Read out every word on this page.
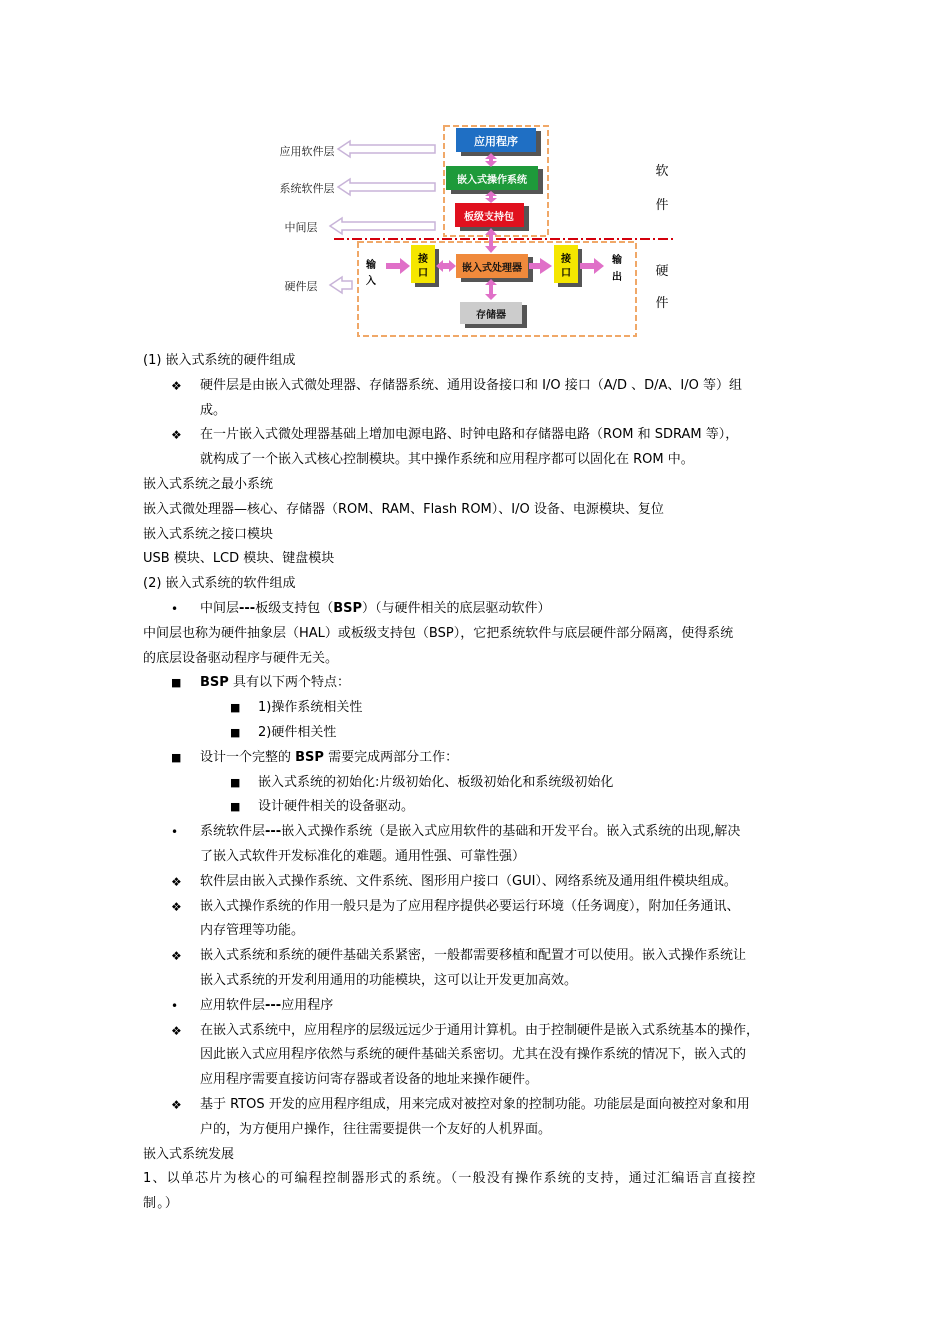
应用软件层
系统软件层
中间层
硬件层
应用程序
嵌入式操作系统
板级支持包
嵌入式处理器
接
口
接
口
存储器
输
入
输
出
软
件
硬
件
(1) 嵌入式系统的硬件组成
❖ 硬件层是由嵌入式微处理器、存储器系统、通用设备接口和 I/O 接口（A/D 、D/A、I/O 等）组
成。
❖ 在一片嵌入式微处理器基础上增加电源电路、时钟电路和存储器电路（ROM 和 SDRAM 等），
就构成了一个嵌入式核心控制模块。其中操作系统和应用程序都可以固化在 ROM 中。
嵌入式系统之最小系统
嵌入式微处理器—核心、存储器（ROM、RAM、Flash ROM）、I/O 设备、电源模块、复位
嵌入式系统之接口模块
USB 模块、LCD 模块、键盘模块
(2) 嵌入式系统的软件组成
• 中间层---板级支持包（BSP）（与硬件相关的底层驱动软件）
中间层也称为硬件抽象层（HAL）或板级支持包（BSP），它把系统软件与底层硬件部分隔离，使得系统
的底层设备驱动程序与硬件无关。
■ BSP 具有以下两个特点：
■ 1)操作系统相关性
■ 2)硬件相关性
■ 设计一个完整的 BSP 需要完成两部分工作：
■ 嵌入式系统的初始化:片级初始化、板级初始化和系统级初始化
■ 设计硬件相关的设备驱动。
• 系统软件层---嵌入式操作系统（是嵌入式应用软件的基础和开发平台。嵌入式系统的出现,解决
了嵌入式软件开发标准化的难题。通用性强、可靠性强）
❖ 软件层由嵌入式操作系统、文件系统、图形用户接口（GUI）、网络系统及通用组件模块组成。
❖ 嵌入式操作系统的作用一般只是为了应用程序提供必要运行环境（任务调度），附加任务通讯、
内存管理等功能。
❖ 嵌入式系统和系统的硬件基础关系紧密，一般都需要移植和配置才可以使用。嵌入式操作系统让
嵌入式系统的开发利用通用的功能模块，这可以让开发更加高效。
• 应用软件层---应用程序
❖ 在嵌入式系统中，应用程序的层级远远少于通用计算机。由于控制硬件是嵌入式系统基本的操作，
因此嵌入式应用程序依然与系统的硬件基础关系密切。尤其在没有操作系统的情况下，嵌入式的
应用程序需要直接访问寄存器或者设备的地址来操作硬件。
❖ 基于 RTOS 开发的应用程序组成，用来完成对被控对象的控制功能。功能层是面向被控对象和用
户的，为方便用户操作，往往需要提供一个友好的人机界面。
嵌入式系统发展
1、以单芯片为核心的可编程控制器形式的系统。（一般没有操作系统的支持，通过汇编语言直接控
制。）
